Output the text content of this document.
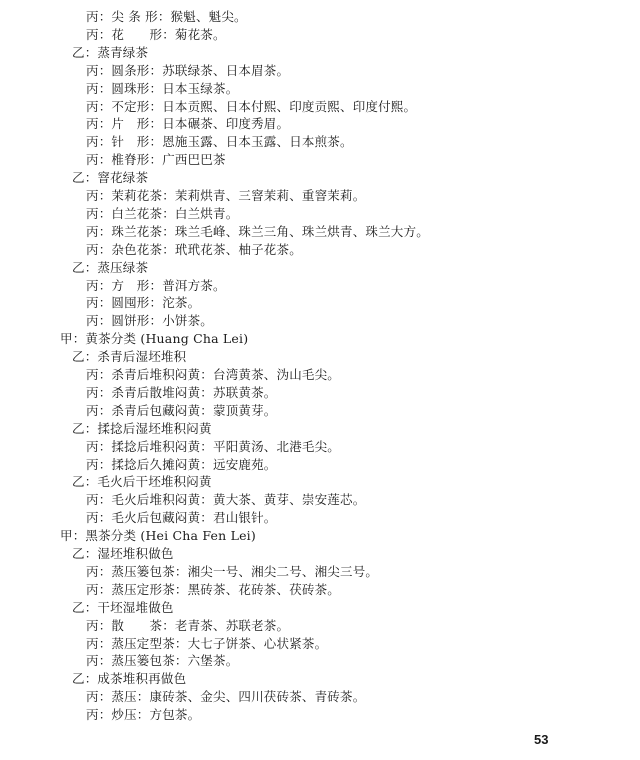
丙：尖 条 形：猴魁、魁尖。
丙：花　　形：菊花茶。
乙：蒸青绿茶
丙：圆条形：苏联绿茶、日本眉茶。
丙：圆珠形：日本玉绿茶。
丙：不定形：日本贡熙、日本付熙、印度贡熙、印度付熙。
丙：片　形：日本碾茶、印度秀眉。
丙：针　形：恩施玉露、日本玉露、日本煎茶。
丙：椎脊形：广西巴巴茶
乙：窨花绿茶
丙：茉莉花茶：茉莉烘青、三窨茉莉、重窨茉莉。
丙：白兰花茶：白兰烘青。
丙：珠兰花茶：珠兰毛峰、珠兰三角、珠兰烘青、珠兰大方。
丙：杂色花茶：玳玳花茶、柚子花茶。
乙：蒸压绿茶
丙：方　形：普洱方茶。
丙：圆囤形：沱茶。
丙：圆饼形：小饼茶。
甲：黄茶分类 (Huang Cha Lei)
乙：杀青后湿坯堆积
丙：杀青后堆积闷黄：台湾黄茶、沩山毛尖。
丙：杀青后散堆闷黄：苏联黄茶。
丙：杀青后包藏闷黄：蒙顶黄芽。
乙：揉捻后湿坯堆积闷黄
丙：揉捻后堆积闷黄：平阳黄汤、北港毛尖。
丙：揉捻后久摊闷黄：远安鹿苑。
乙：毛火后干坯堆积闷黄
丙：毛火后堆积闷黄：黄大茶、黄芽、崇安莲芯。
丙：毛火后包藏闷黄：君山银针。
甲：黑茶分类 (Hei Cha Fen Lei)
乙：湿坯堆积做色
丙：蒸压篓包茶：湘尖一号、湘尖二号、湘尖三号。
丙：蒸压定形茶：黑砖茶、花砖茶、茯砖茶。
乙：干坯湿堆做色
丙：散　　茶：老青茶、苏联老茶。
丙：蒸压定型茶：大七子饼茶、心状紧茶。
丙：蒸压篓包茶：六堡茶。
乙：成茶堆积再做色
丙：蒸压：康砖茶、金尖、四川茯砖茶、青砖茶。
丙：炒压：方包茶。
53
